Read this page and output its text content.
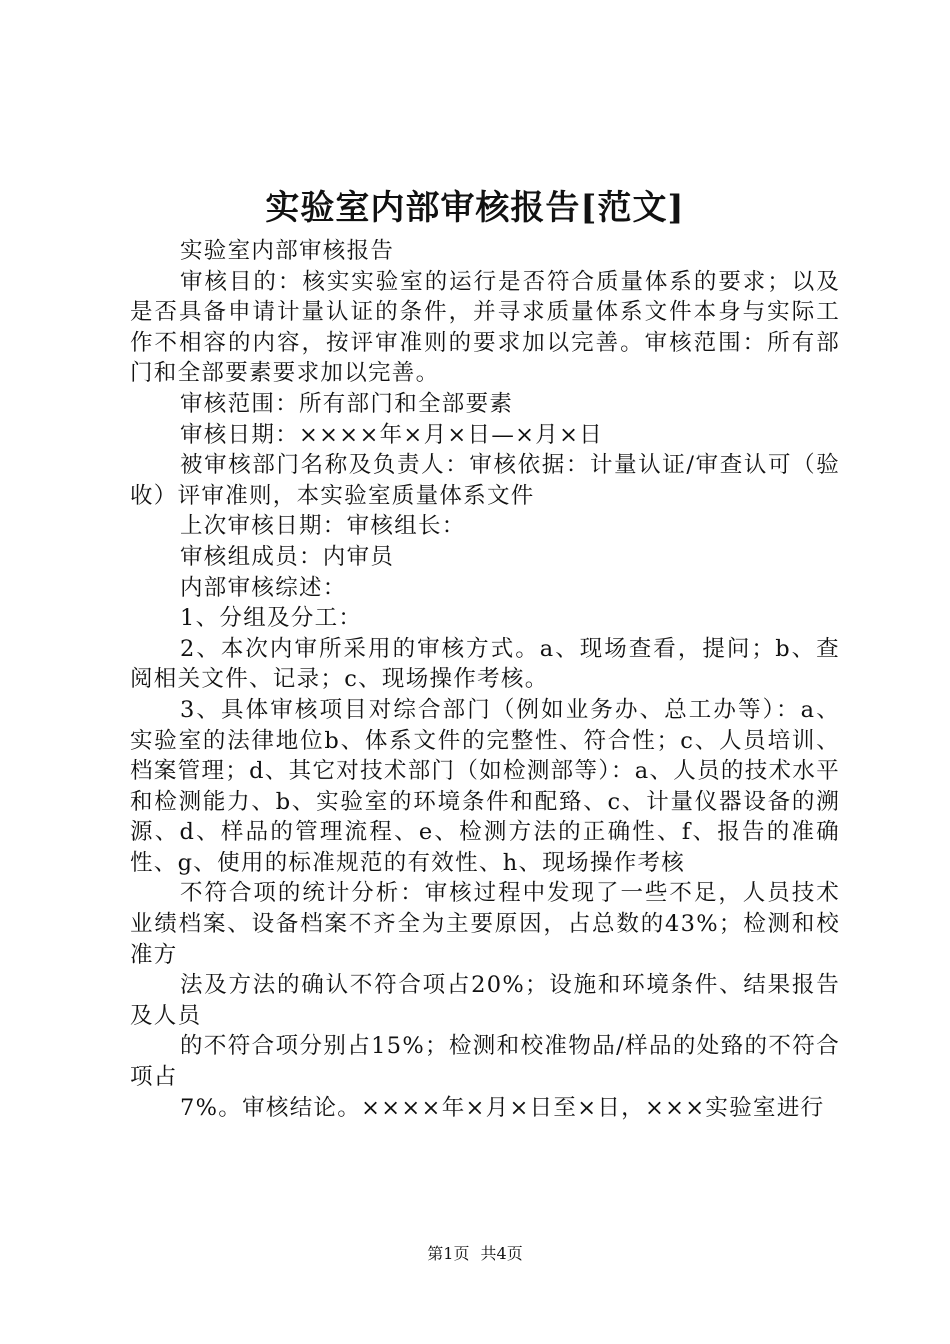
实验室内部审核报告[范文]

实验室内部审核报告

审核目的：核实实验室的运行是否符合质量体系的要求；以及是否具备申请计量认证的条件，并寻求质量体系文件本身与实际工作不相容的内容，按评审准则的要求加以完善。审核范围：所有部门和全部要素要求加以完善。

审核范围：所有部门和全部要素

审核日期：××××年×月×日—×月×日

被审核部门名称及负责人：审核依据：计量认证/审查认可（验收）评审准则，本实验室质量体系文件

上次审核日期：审核组长：

审核组成员：内审员

内部审核综述：

1、分组及分工：

2、本次内审所采用的审核方式。a、现场查看，提问；b、查阅相关文件、记录；c、现场操作考核。

3、具体审核项目对综合部门（例如业务办、总工办等）：a、实验室的法律地位b、体系文件的完整性、符合性；c、人员培训、档案管理；d、其它对技术部门（如检测部等）：a、人员的技术水平和检测能力、b、实验室的环境条件和配臵、c、计量仪器设备的溯源、d、样品的管理流程、e、检测方法的正确性、f、报告的准确性、g、使用的标准规范的有效性、h、现场操作考核

不符合项的统计分析：审核过程中发现了一些不足，人员技术业绩档案、设备档案不齐全为主要原因，占总数的43%；检测和校准方

法及方法的确认不符合项占20%；设施和环境条件、结果报告及人员

的不符合项分别占15%；检测和校准物品/样品的处臵的不符合项占

7%。审核结论。××××年×月×日至×日，×××实验室进行

第1页 共4页
